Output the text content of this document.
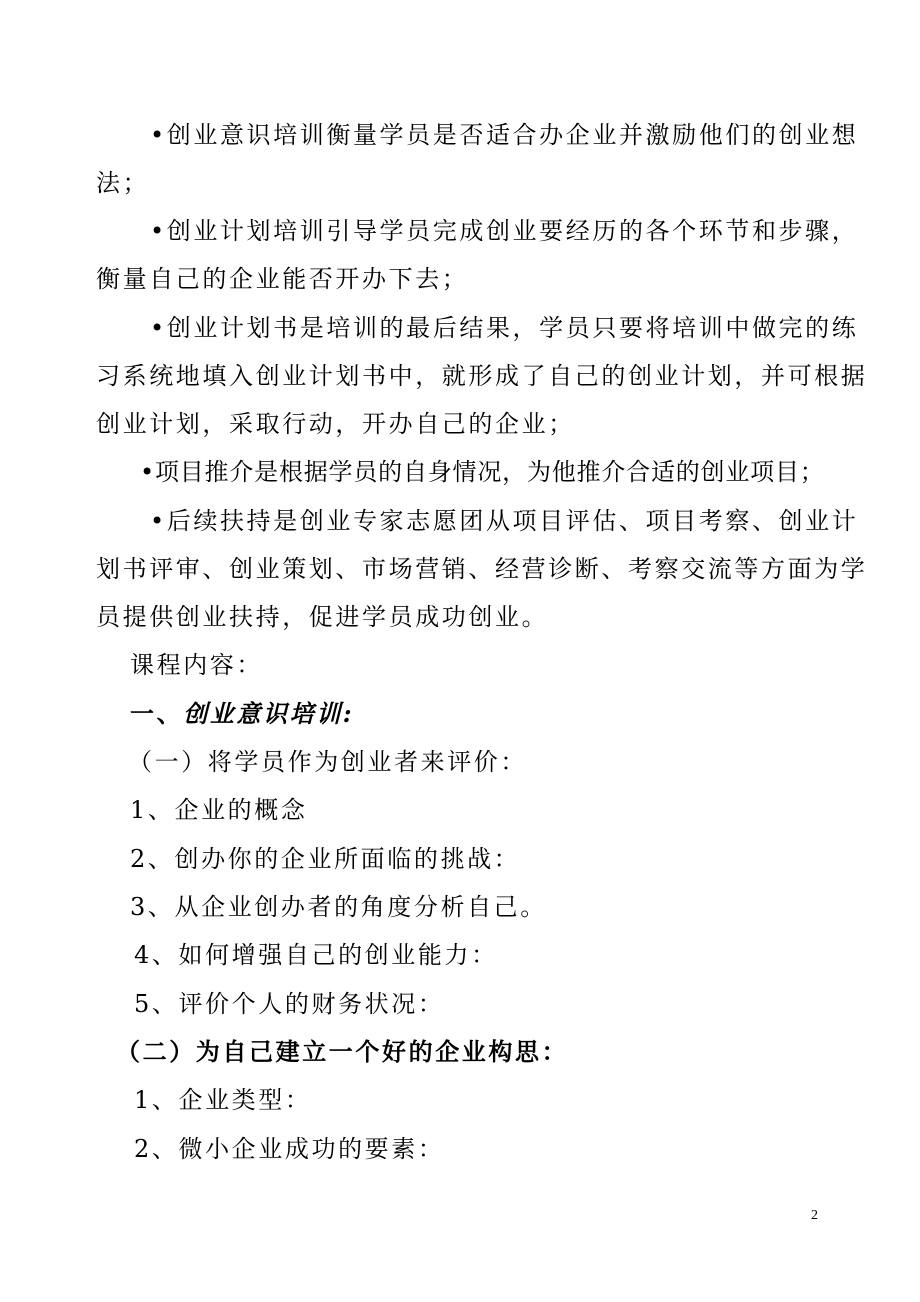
•创业意识培训衡量学员是否适合办企业并激励他们的创业想
法；
•创业计划培训引导学员完成创业要经历的各个环节和步骤，
衡量自己的企业能否开办下去；
•创业计划书是培训的最后结果，学员只要将培训中做完的练
习系统地填入创业计划书中，就形成了自己的创业计划，并可根据
创业计划，采取行动，开办自己的企业；
•项目推介是根据学员的自身情况，为他推介合适的创业项目；
•后续扶持是创业专家志愿团从项目评估、项目考察、创业计
划书评审、创业策划、市场营销、经营诊断、考察交流等方面为学
员提供创业扶持，促进学员成功创业。
课程内容：
一、创业意识培训:
（一）将学员作为创业者来评价：
1、企业的概念
2、创办你的企业所面临的挑战：
3、从企业创办者的角度分析自己。
4、如何增强自己的创业能力：
5、评价个人的财务状况：
（二）为自己建立一个好的企业构思：
1、企业类型：
2、微小企业成功的要素：
2
